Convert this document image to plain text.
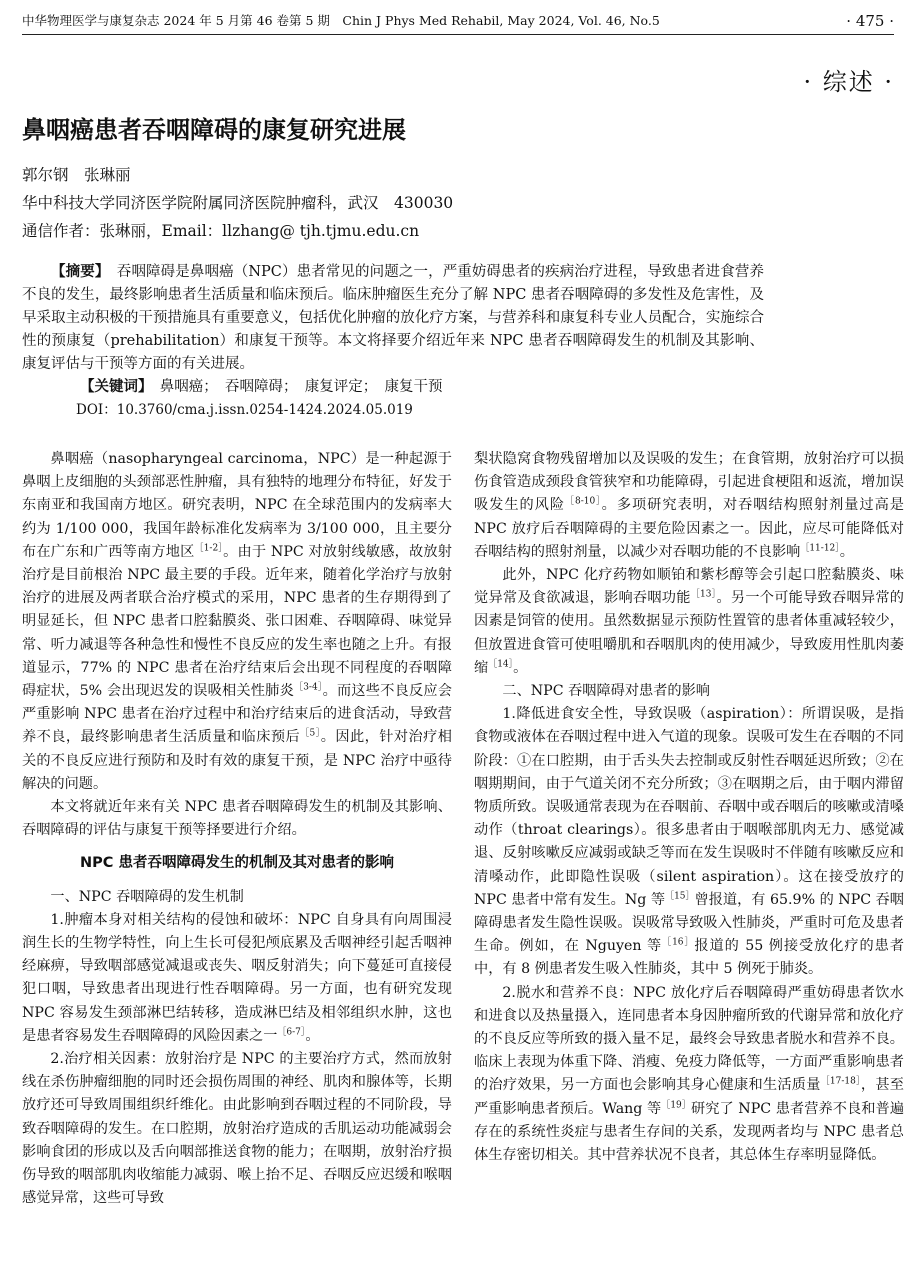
中华物理医学与康复杂志 2024 年 5 月第 46 卷第 5 期　Chin J Phys Med Rehabil, May 2024, Vol. 46, No.5	· 475 ·
· 综述 ·
鼻咽癌患者吞咽障碍的康复研究进展
郭尔钢　张琳丽
华中科技大学同济医学院附属同济医院肿瘤科，武汉　430030
通信作者：张琳丽，Email：llzhang@ tjh.tjmu.edu.cn

【摘要】　 吞咽障碍是鼻咽癌（NPC）患者常见的问题之一，严重妨碍患者的疾病治疗进程，导致患者进食营养不良的发生，最终影响患者生活质量和临床预后。临床肿瘤医生充分了解 NPC 患者吞咽障碍的多发性及危害性，及早采取主动积极的干预措施具有重要意义，包括优化肿瘤的放化疗方案，与营养科和康复科专业人员配合，实施综合性的预康复（prehabilitation）和康复干预等。本文将择要介绍近年来 NPC 患者吞咽障碍发生的机制及其影响、康复评估与干预等方面的有关进展。

【关键词】　 鼻咽癌；　吞咽障碍；　康复评定；　康复干预

DOI：10.3760/cma.j.issn.0254-1424.2024.05.019

鼻咽癌（nasopharyngeal carcinoma，NPC）是一种起源于鼻咽上皮细胞的头颈部恶性肿瘤，具有独特的地理分布特征，好发于东南亚和我国南方地区。研究表明，NPC 在全球范围内的发病率大约为 1/100 000，我国年龄标准化发病率为 3/100 000，且主要分布在广东和广西等南方地区$^{[1-2]}$。由于 NPC 对放射线敏感，故放射治疗是目前根治 NPC 最主要的手段。近年来，随着化学治疗与放射治疗的进展及两者联合治疗模式的采用，NPC 患者的生存期得到了明显延长，但 NPC 患者口腔黏膜炎、张口困难、吞咽障碍、味觉异常、听力减退等各种急性和慢性不良反应的发生率也随之上升。有报道显示，77% 的 NPC 患者在治疗结束后会出现不同程度的吞咽障碍症状，5% 会出现迟发的误吸相关性肺炎$^{[3-4]}$。而这些不良反应会严重影响 NPC 患者在治疗过程中和治疗结束后的进食活动，导致营养不良，最终影响患者生活质量和临床预后$^{[5]}$。因此，针对治疗相关的不良反应进行预防和及时有效的康复干预，是 NPC 治疗中亟待解决的问题。

本文将就近年来有关 NPC 患者吞咽障碍发生的机制及其影响、吞咽障碍的评估与康复干预等择要进行介绍。

NPC 患者吞咽障碍发生的机制及其对患者的影响
一、NPC 吞咽障碍的发生机制

1.肿瘤本身对相关结构的侵蚀和破坏：NPC 自身具有向周围浸润生长的生物学特性，向上生长可侵犯颅底累及舌咽神经引起舌咽神经麻痹，导致咽部感觉减退或丧失、咽反射消失；向下蔓延可直接侵犯口咽，导致患者出现进行性吞咽障碍。另一方面，也有研究发现 NPC 容易发生颈部淋巴结转移，造成淋巴结及相邻组织水肿，这也是患者容易发生吞咽障碍的风险因素之一$^{[6-7]}$。

2.治疗相关因素：放射治疗是 NPC 的主要治疗方式，然而放射线在杀伤肿瘤细胞的同时还会损伤周围的神经、肌肉和腺体等，长期放疗还可导致周围组织纤维化。由此影响到吞咽过程的不同阶段，导致吞咽障碍的发生。在口腔期，放射治疗造成的舌肌运动功能减弱会影响食团的形成以及舌向咽部推送食物的能力；在咽期，放射治疗损伤导致的咽部肌肉收缩能力减弱、喉上抬不足、吞咽反应迟缓和喉咽感觉异常，这些可导致

梨状隐窝食物残留增加以及误吸的发生；在食管期，放射治疗可以损伤食管造成颈段食管狭窄和功能障碍，引起进食梗阻和返流，增加误吸发生的风险$^{[8-10]}$。多项研究表明，对吞咽结构照射剂量过高是 NPC 放疗后吞咽障碍的主要危险因素之一。因此，应尽可能降低对吞咽结构的照射剂量，以减少对吞咽功能的不良影响$^{[11-12]}$。

此外，NPC 化疗药物如顺铂和紫杉醇等会引起口腔黏膜炎、味觉异常及食欲减退，影响吞咽功能$^{[13]}$。另一个可能导致吞咽异常的因素是饲管的使用。虽然数据显示预防性置管的患者体重减轻较少，但放置进食管可使咀嚼肌和吞咽肌肉的使用减少，导致废用性肌肉萎缩$^{[14]}$。

二、NPC 吞咽障碍对患者的影响

1.降低进食安全性，导致误吸（aspiration）：所谓误吸，是指食物或液体在吞咽过程中进入气道的现象。误吸可发生在吞咽的不同阶段：①在口腔期，由于舌头失去控制或反射性吞咽延迟所致；②在咽期期间，由于气道关闭不充分所致；③在咽期之后，由于咽内滞留物质所致。误吸通常表现为在吞咽前、吞咽中或吞咽后的咳嗽或清嗓动作（throat clearings）。很多患者由于咽喉部肌肉无力、感觉减退、反射咳嗽反应减弱或缺乏等而在发生误吸时不伴随有咳嗽反应和清嗓动作，此即隐性误吸（silent aspiration）。这在接受放疗的 NPC 患者中常有发生。Ng 等$^{[15]}$曾报道，有 65.9% 的 NPC 吞咽障碍患者发生隐性误吸。误吸常导致吸入性肺炎，严重时可危及患者生命。例如，在 Nguyen 等$^{[16]}$报道的 55 例接受放化疗的患者中，有 8 例患者发生吸入性肺炎，其中 5 例死于肺炎。

2.脱水和营养不良：NPC 放化疗后吞咽障碍严重妨碍患者饮水和进食以及热量摄入，连同患者本身因肿瘤所致的代谢异常和放化疗的不良反应等所致的摄入量不足，最终会导致患者脱水和营养不良。临床上表现为体重下降、消瘦、免疫力降低等，一方面严重影响患者的治疗效果，另一方面也会影响其身心健康和生活质量$^{[17-18]}$，甚至严重影响患者预后。Wang 等$^{[19]}$研究了 NPC 患者营养不良和普遍存在的系统性炎症与患者生存间的关系，发现两者均与 NPC 患者总体生存密切相关。其中营养状况不良者，其总体生存率明显降低。
